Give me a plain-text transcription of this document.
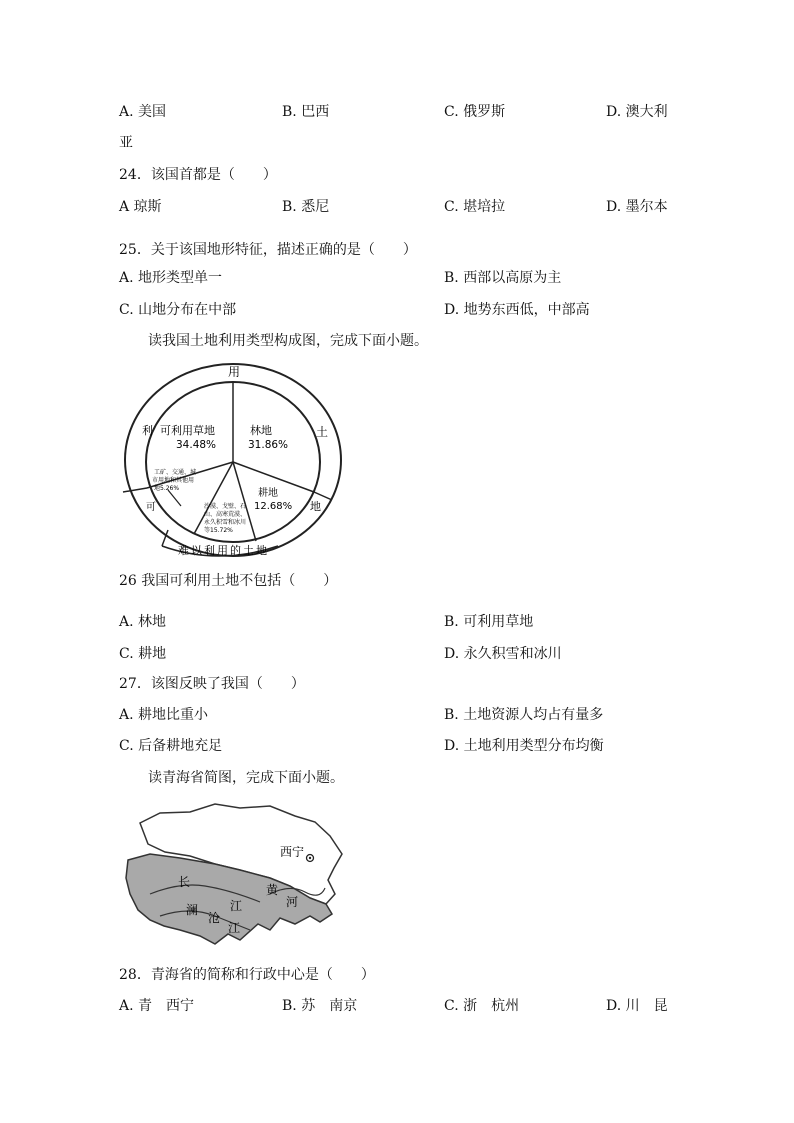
A. 美国	B. 巴西	C. 俄罗斯	D. 澳大利
亚
24．该国首都是（　　）
A 琼斯	B. 悉尼	C. 堪培拉	D. 墨尔本
25．关于该国地形特征，描述正确的是（　　）
A. 地形类型单一	B. 西部以高原为主
C. 山地分布在中部	D. 地势东西低，中部高
读我国土地利用类型构成图，完成下面小题。
用
土
地
利
可
难以利用的土地
可利用草地
34.48%
林地
31.86%
耕地
12.68%
工矿、交通、城
市用地和其他用
地5.26%
沙漠、戈壁、石
山、高寒荒漠、
永久积雪和冰川
等15.72%
26 我国可利用土地不包括（　　）
A. 林地	B. 可利用草地
C. 耕地	D. 永久积雪和冰川
27．该图反映了我国（　　）
A. 耕地比重小	B. 土地资源人均占有量多
C. 后备耕地充足	D. 土地利用类型分布均衡
读青海省简图，完成下面小题。
西宁
长
江
黄
河
澜
沧
江
28．青海省的简称和行政中心是（　　）
A. 青　西宁	B. 苏　南京	C. 浙　杭州	D. 川　昆
